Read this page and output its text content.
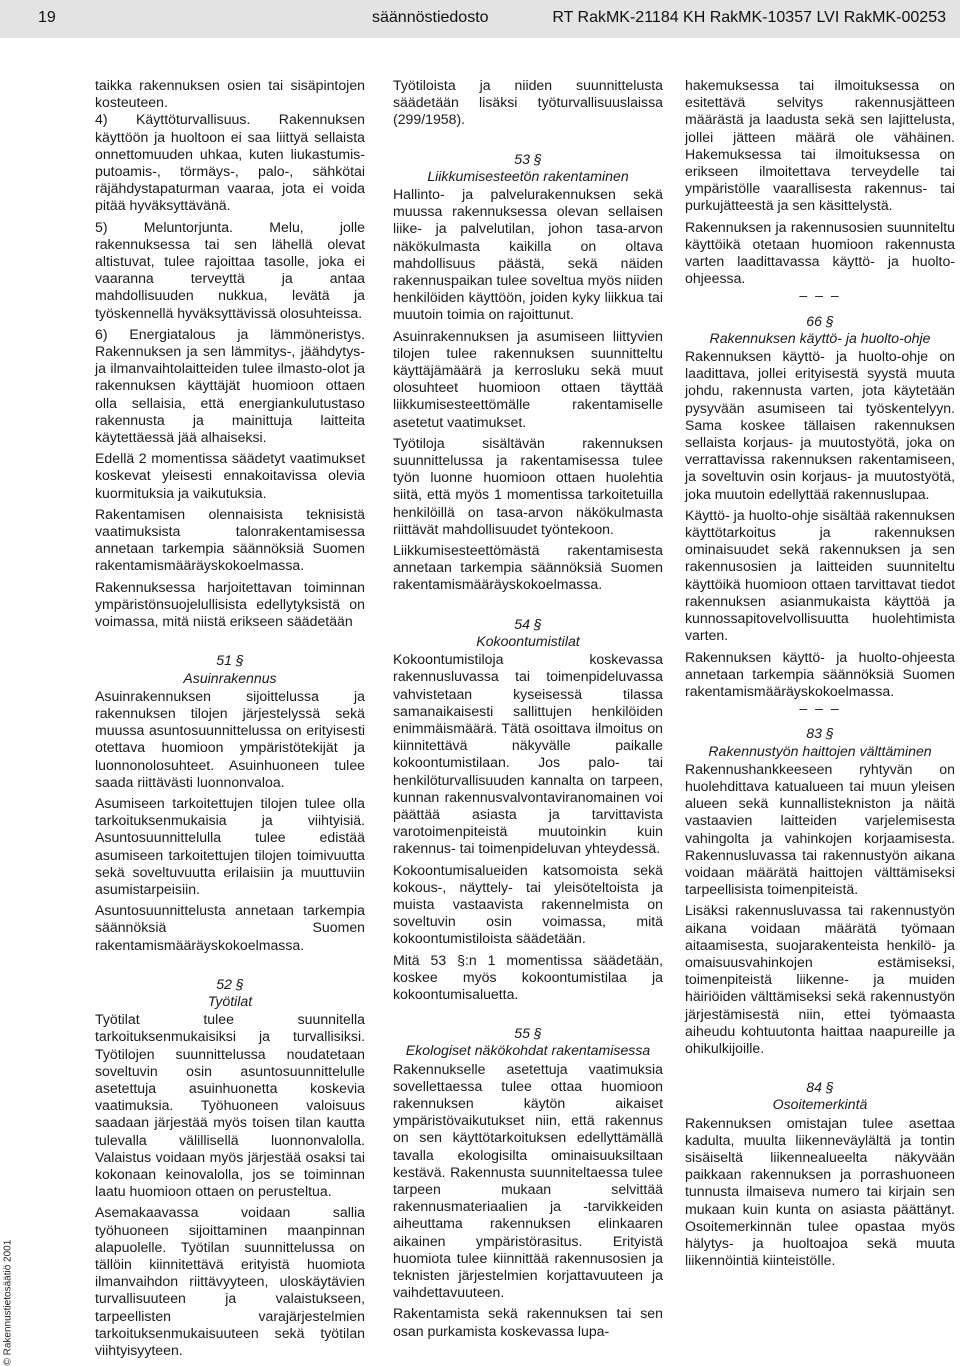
19	säännöstiedosto	RT RakMK-21184 KH RakMK-10357 LVI RakMK-00253
© Rakennustietosäätiö 2001

taikka rakennuksen osien tai sisäpintojen kosteuteen.

4) Käyttöturvallisuus. Rakennuksen käyttöön ja huoltoon ei saa liittyä sellaista onnettomuuden uhkaa, kuten liukastumis- putoamis-, törmäys-, palo-, sähkötai räjähdystapaturman vaaraa, jota ei voida pitää hyväksyttävänä.

5) Meluntorjunta. Melu, jolle rakennuksessa tai sen lähellä olevat altistuvat, tulee rajoittaa tasolle, joka ei vaaranna terveyttä ja antaa mahdollisuuden nukkua, levätä ja työskennellä hyväksyttävissä olosuhteissa.

6) Energiatalous ja lämmöneristys. Rakennuksen ja sen lämmitys-, jäähdytys- ja ilmanvaihtolaitteiden tulee ilmasto-olot ja rakennuksen käyttäjät huomioon ottaen olla sellaisia, että energiankulutustaso rakennusta ja mainittuja laitteita käytettäessä jää alhaiseksi.

Edellä 2 momentissa säädetyt vaatimukset koskevat yleisesti ennakoitavissa olevia kuormituksia ja vaikutuksia.

Rakentamisen olennaisista teknisistä vaatimuksista talonrakentamisessa annetaan tarkempia säännöksiä Suomen rakentamismääräyskokoelmassa.

Rakennuksessa harjoitettavan toiminnan ympäristönsuojelullisista edellytyksistä on voimassa, mitä niistä erikseen säädetään

51 §

Asuinrakennus

Asuinrakennuksen sijoittelussa ja rakennuksen tilojen järjestelyssä sekä muussa asuntosuunnittelussa on erityisesti otettava huomioon ympäristötekijät ja luonnonolosuhteet. Asuinhuoneen tulee saada riittävästi luonnonvaloa.

Asumiseen tarkoitettujen tilojen tulee olla tarkoituksenmukaisia ja viihtyisiä. Asuntosuunnittelulla tulee edistää asumiseen tarkoitettujen tilojen toimivuutta sekä soveltuvuutta erilaisiin ja muuttuviin asumistarpeisiin.

Asuntosuunnittelusta annetaan tarkempia säännöksiä Suomen rakentamismääräyskokoelmassa.

52 §

Työtilat

Työtilat tulee suunnitella tarkoituksenmukaisiksi ja turvallisiksi. Työtilojen suunnittelussa noudatetaan soveltuvin osin asuntosuunnittelulle asetettuja asuinhuonetta koskevia vaatimuksia. Työhuoneen valoisuus saadaan järjestää myös toisen tilan kautta tulevalla välillisellä luonnonvalolla. Valaistus voidaan myös järjestää osaksi tai kokonaan keinovalolla, jos se toiminnan laatu huomioon ottaen on perusteltua.

Asemakaavassa voidaan sallia työhuoneen sijoittaminen maanpinnan alapuolelle. Työtilan suunnittelussa on tällöin kiinnitettävä erityistä huomiota ilmanvaihdon riittävyyteen, uloskäytävien turvallisuuteen ja valaistukseen, tarpeellisten varajärjestelmien tarkoituksenmukaisuuteen sekä työtilan viihtyisyyteen.

Työtiloista ja niiden suunnittelusta säädetään lisäksi työturvallisuuslaissa (299/1958).

53 §

Liikkumisesteetön rakentaminen

Hallinto- ja palvelurakennuksen sekä muussa rakennuksessa olevan sellaisen liike- ja palvelutilan, johon tasa-arvon näkökulmasta kaikilla on oltava mahdollisuus päästä, sekä näiden rakennuspaikan tulee soveltua myös niiden henkilöiden käyttöön, joiden kyky liikkua tai muutoin toimia on rajoittunut.

Asuinrakennuksen ja asumiseen liittyvien tilojen tulee rakennuksen suunnitteltu käyttäjämäärä ja kerrosluku sekä muut olosuhteet huomioon ottaen täyttää liikkumisesteettömälle rakentamiselle asetetut vaatimukset.

Työtiloja sisältävän rakennuksen suunnittelussa ja rakentamisessa tulee työn luonne huomioon ottaen huolehtia siitä, että myös 1 momentissa tarkoitetuilla henkilöillä on tasa-arvon näkökulmasta riittävät mahdollisuudet työntekoon.

Liikkumisesteettömästä rakentamisesta annetaan tarkempia säännöksiä Suomen rakentamismääräyskokoelmassa.

54 §

Kokoontumistilat

Kokoontumistiloja koskevassa rakennusluvassa tai toimenpideluvassa vahvistetaan kyseisessä tilassa samanaikaisesti sallittujen henkilöiden enimmäismäärä. Tätä osoittava ilmoitus on kiinnitettävä näkyvälle paikalle kokoontumistilaan. Jos palo- tai henkilöturvallisuuden kannalta on tarpeen, kunnan rakennusvalvontaviranomainen voi päättää asiasta ja tarvittavista varotoimenpiteistä muutoinkin kuin rakennus- tai toimenpideluvan yhteydessä.

Kokoontumisalueiden katsomoista sekä kokous-, näyttely- tai yleisöteltoista ja muista vastaavista rakennelmista on soveltuvin osin voimassa, mitä kokoontumistiloista säädetään.

Mitä 53 §:n 1 momentissa säädetään, koskee myös kokoontumistilaa ja kokoontumisaluetta.

55 §

Ekologiset näkökohdat rakentamisessa

Rakennukselle asetettuja vaatimuksia sovellettaessa tulee ottaa huomioon rakennuksen käytön aikaiset ympäristövaikutukset niin, että rakennus on sen käyttötarkoituksen edellyttämällä tavalla ekologisilta ominaisuuksiltaan kestävä. Rakennusta suunniteltaessa tulee tarpeen mukaan selvittää rakennusmateriaalien ja -tarvikkeiden aiheuttama rakennuksen elinkaaren aikainen ympäristörasitus. Erityistä huomiota tulee kiinnittää rakennusosien ja teknisten järjestelmien korjattavuuteen ja vaihdettavuuteen.

Rakentamista sekä rakennuksen tai sen osan purkamista koskevassa lupa-

hakemuksessa tai ilmoituksessa on esitettävä selvitys rakennusjätteen määrästä ja laadusta sekä sen lajittelusta, jollei jätteen määrä ole vähäinen. Hakemuksessa tai ilmoituksessa on erikseen ilmoitettava terveydelle tai ympäristölle vaarallisesta rakennus- tai purkujätteestä ja sen käsittelystä.

Rakennuksen ja rakennusosien suunniteltu käyttöikä otetaan huomioon rakennusta varten laadittavassa käyttö- ja huolto-ohjeessa.

– – –

66 §

Rakennuksen käyttö- ja huolto-ohje

Rakennuksen käyttö- ja huolto-ohje on laadittava, jollei erityisestä syystä muuta johdu, rakennusta varten, jota käytetään pysyvään asumiseen tai työskentelyyn. Sama koskee tällaisen rakennuksen sellaista korjaus- ja muutostyötä, joka on verrattavissa rakennuksen rakentamiseen, ja soveltuvin osin korjaus- ja muutostyötä, joka muutoin edellyttää rakennuslupaa.

Käyttö- ja huolto-ohje sisältää rakennuksen käyttötarkoitus ja rakennuksen ominaisuudet sekä rakennuksen ja sen rakennusosien ja laitteiden suunniteltu käyttöikä huomioon ottaen tarvittavat tiedot rakennuksen asianmukaista käyttöä ja kunnossapitovelvollisuutta huolehtimista varten.

Rakennuksen käyttö- ja huolto-ohjeesta annetaan tarkempia säännöksiä Suomen rakentamismääräyskokoelmassa.

– – –

83 §

Rakennustyön haittojen välttäminen

Rakennushankkeeseen ryhtyvän on huolehdittava katualueen tai muun yleisen alueen sekä kunnallistekniston ja näitä vastaavien laitteiden varjelemisesta vahingolta ja vahinkojen korjaamisesta. Rakennusluvassa tai rakennustyön aikana voidaan määrätä haittojen välttämiseksi tarpeellisista toimenpiteistä.

Lisäksi rakennusluvassa tai rakennustyön aikana voidaan määrätä työmaan aitaamisesta, suojarakenteista henkilö- ja omaisuusvahinkojen estämiseksi, toimenpiteistä liikenne- ja muiden häiriöiden välttämiseksi sekä rakennustyön järjestämisestä niin, ettei työmaasta aiheudu kohtuutonta haittaa naapureille ja ohikulkijoille.

84 §

Osoitemerkintä

Rakennuksen omistajan tulee asettaa kadulta, muulta liikenneväylältä ja tontin sisäiseltä liikennealueelta näkyvään paikkaan rakennuksen ja porrashuoneen tunnusta ilmaiseva numero tai kirjain sen mukaan kuin kunta on asiasta päättänyt. Osoitemerkinnän tulee opastaa myös hälytys- ja huoltoajoa sekä muuta liikennöintiä kiinteistölle.
